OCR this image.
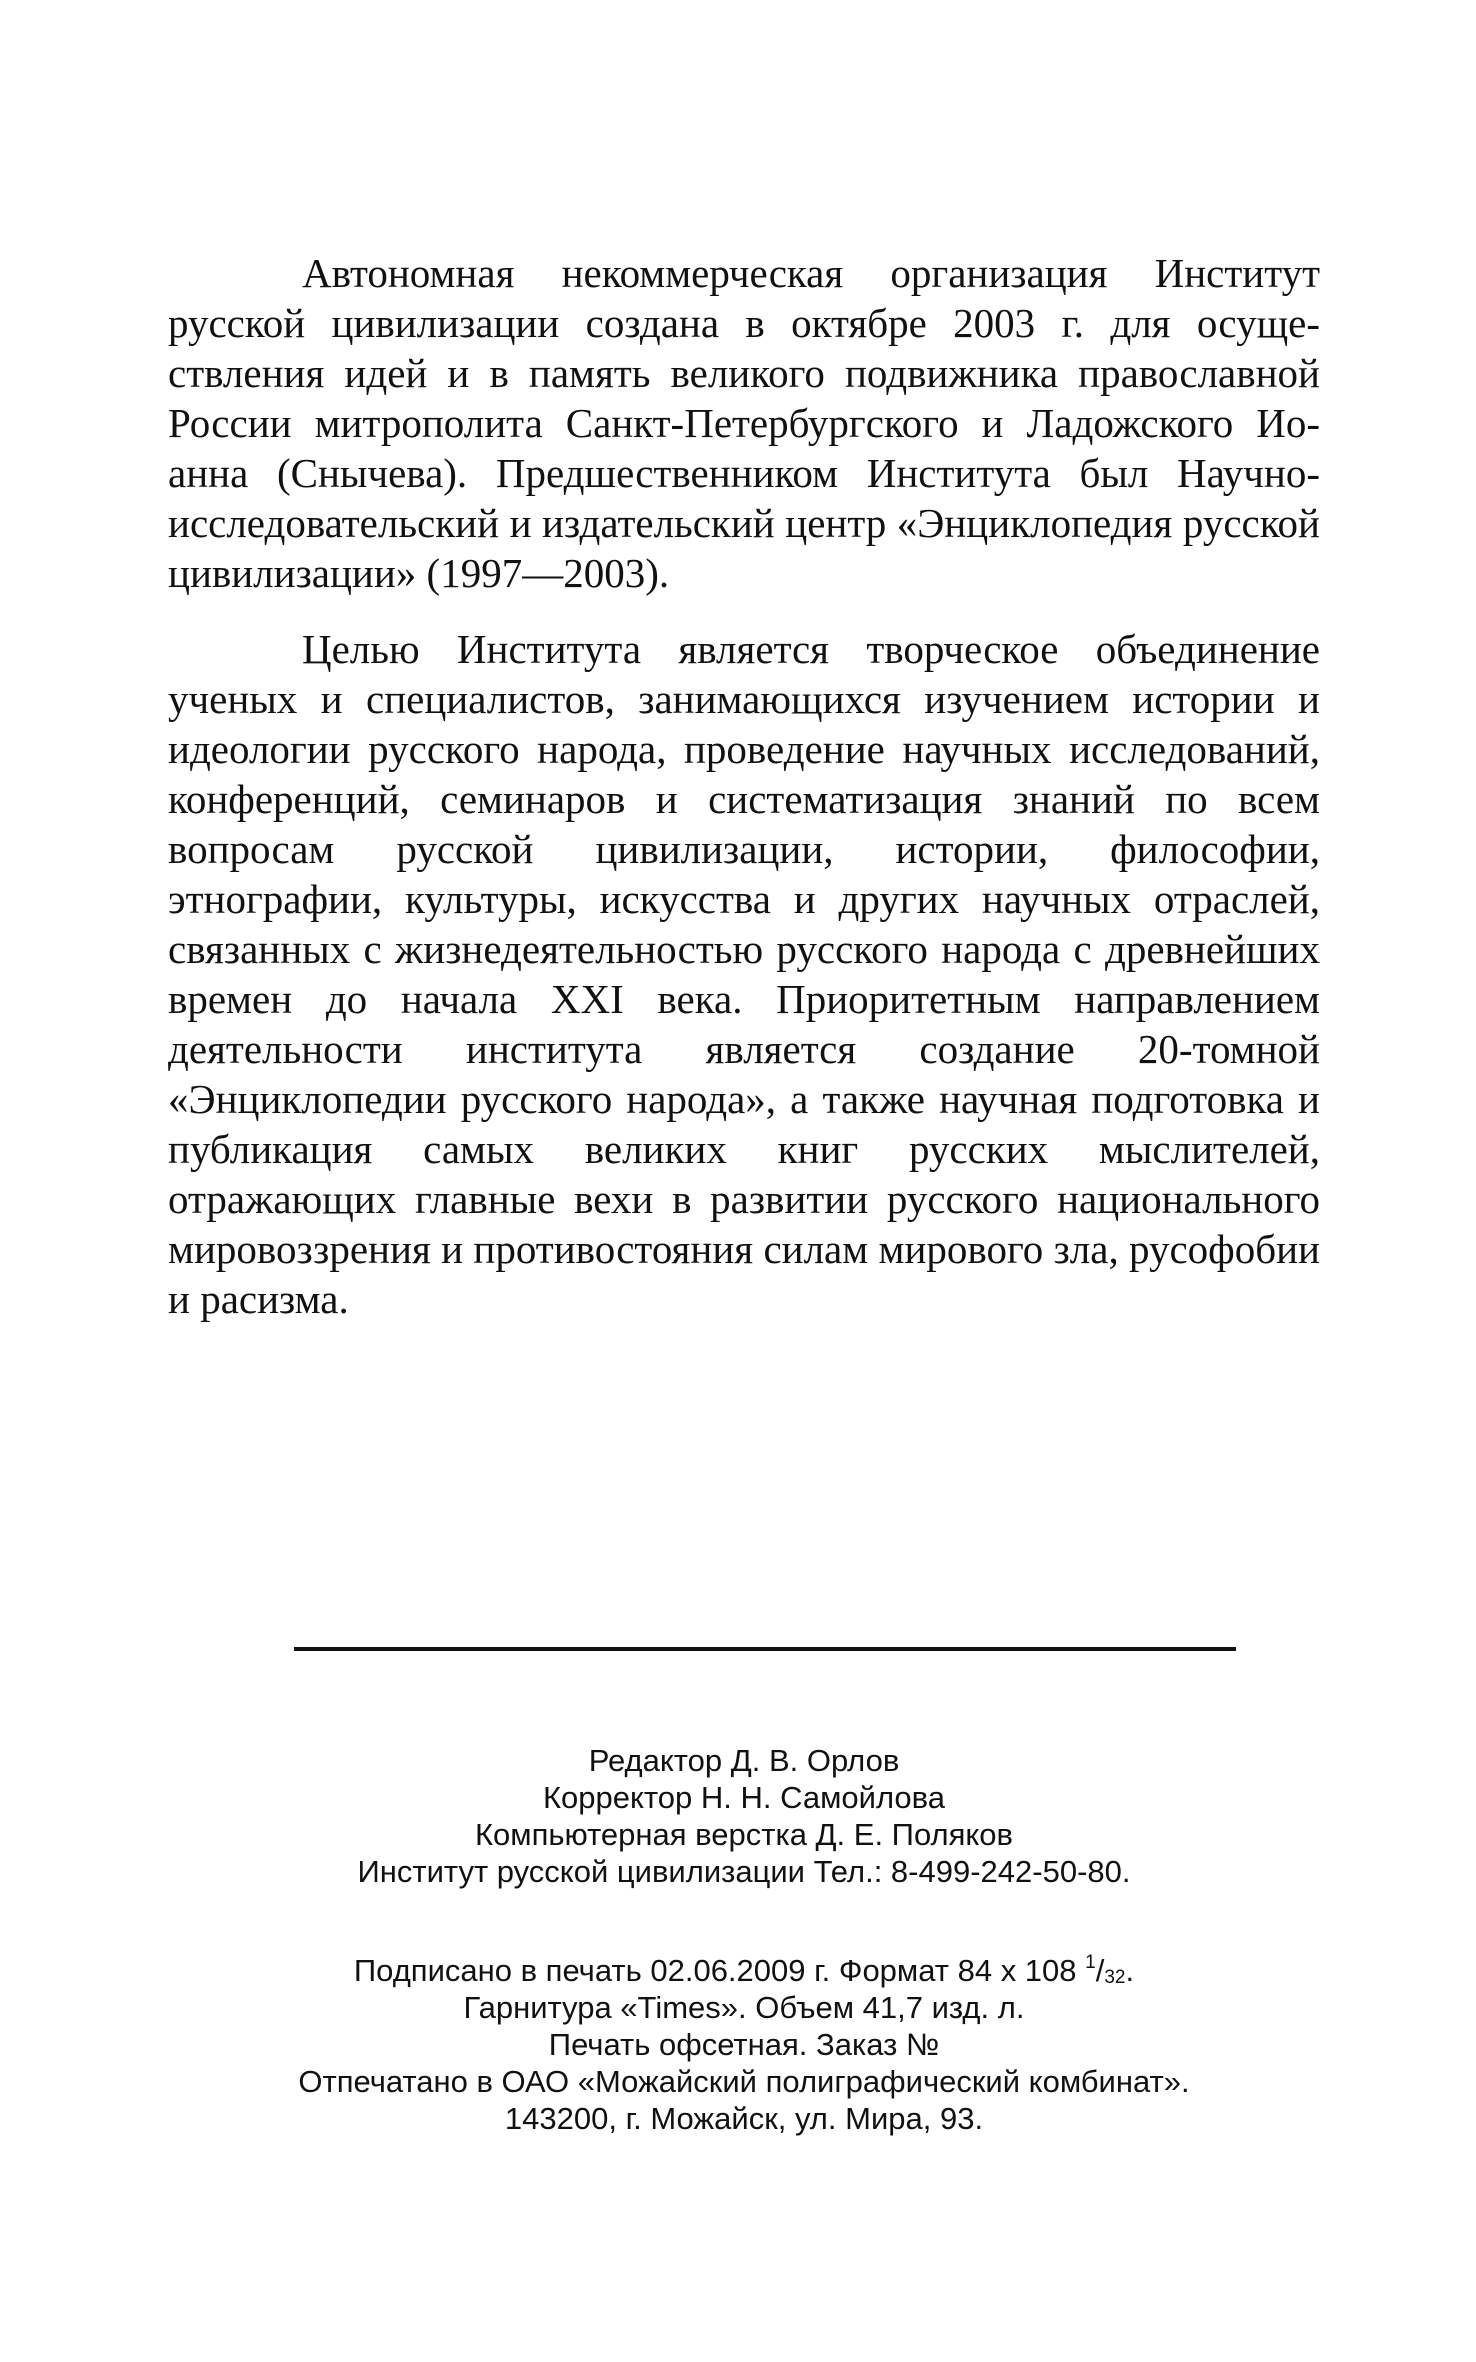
Автономная некоммерческая организация Институт русской цивилизации создана в октябре 2003 г. для осуществления идей и в память великого подвижника православной России митрополита Санкт-Петербургского и Ладожского Иоанна (Снычева). Предшественником Института был Научно-исследовательский и издательский центр «Энциклопедия русской цивилизации» (1997—2003).

Целью Института является творческое объединение ученых и специалистов, занимающихся изучением истории и идеологии русского народа, проведение научных исследований, конференций, семинаров и систематизация знаний по всем вопросам русской цивилизации, истории, философии, этнографии, культуры, искусства и других научных отраслей, связанных с жизнедеятельностью русского народа с древнейших времен до начала XXI века. Приоритетным направлением деятельности института является создание 20-томной «Энциклопедии русского народа», а также научная подготовка и публикация самых великих книг русских мыслителей, отражающих главные вехи в развитии русского национального мировоззрения и противостояния силам мирового зла, русофобии и расизма.

Редактор Д. В. Орлов
Корректор Н. Н. Самойлова
Компьютерная верстка Д. Е. Поляков
Институт русской цивилизации Тел.: 8-499-242-50-80.
Подписано в печать 02.06.2009 г. Формат 84 x 108 $^1/_{32}$.
Гарнитура «Times». Объем 41,7 изд. л.
Печать офсетная. Заказ №
Отпечатано в ОАО «Можайский полиграфический комбинат».
143200, г. Можайск, ул. Мира, 93.
